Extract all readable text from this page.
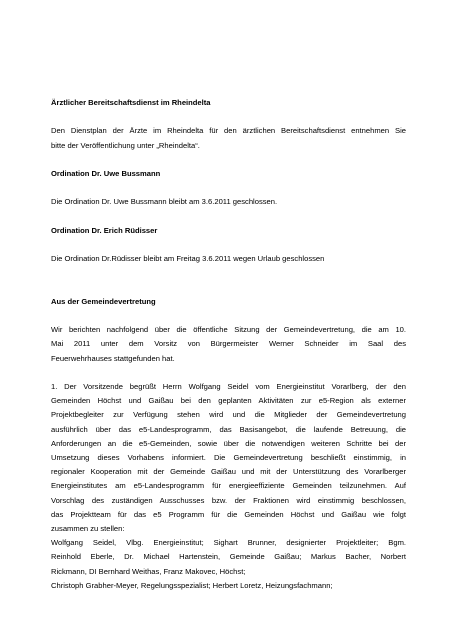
Ärztlicher Bereitschaftsdienst im Rheindelta

Den Dienstplan der Ärzte im Rheindelta für den ärztlichen Bereitschaftsdienst entnehmen Sie
bitte der Veröffentlichung unter „Rheindelta“.

Ordination Dr. Uwe Bussmann

Die Ordination Dr. Uwe Bussmann bleibt am 3.6.2011 geschlossen.

Ordination Dr. Erich Rüdisser

Die Ordination Dr.Rüdisser bleibt am Freitag 3.6.2011 wegen Urlaub geschlossen

Aus der Gemeindevertretung

Wir berichten nachfolgend über die öffentliche Sitzung der Gemeindevertretung, die am 10.
Mai 2011 unter dem Vorsitz von Bürgermeister Werner Schneider im Saal des
Feuerwehrhauses stattgefunden hat.

1. Der Vorsitzende begrüßt Herrn Wolfgang Seidel vom Energieinstitut Vorarlberg, der den
Gemeinden Höchst und Gaißau bei den geplanten Aktivitäten zur e5-Region als externer
Projektbegleiter zur Verfügung stehen wird und die Mitglieder der Gemeindevertretung
ausführlich über das e5-Landesprogramm, das Basisangebot, die laufende Betreuung, die
Anforderungen an die e5-Gemeinden, sowie über die notwendigen weiteren Schritte bei der
Umsetzung dieses Vorhabens informiert. Die Gemeindevertretung beschließt einstimmig, in
regionaler Kooperation mit der Gemeinde Gaißau und mit der Unterstützung des Vorarlberger
Energieinstitutes am e5-Landesprogramm für energieeffiziente Gemeinden teilzunehmen. Auf
Vorschlag des zuständigen Ausschusses bzw. der Fraktionen wird einstimmig beschlossen,
das Projektteam für das e5 Programm für die Gemeinden Höchst und Gaißau wie folgt
zusammen zu stellen:
Wolfgang Seidel, Vlbg. Energieinstitut; Sighart Brunner, designierter Projektleiter; Bgm.
Reinhold Eberle, Dr. Michael Hartenstein, Gemeinde Gaißau; Markus Bacher, Norbert
Rickmann, DI Bernhard Weithas, Franz Makovec, Höchst;
Christoph Grabher-Meyer, Regelungsspezialist; Herbert Loretz, Heizungsfachmann;
